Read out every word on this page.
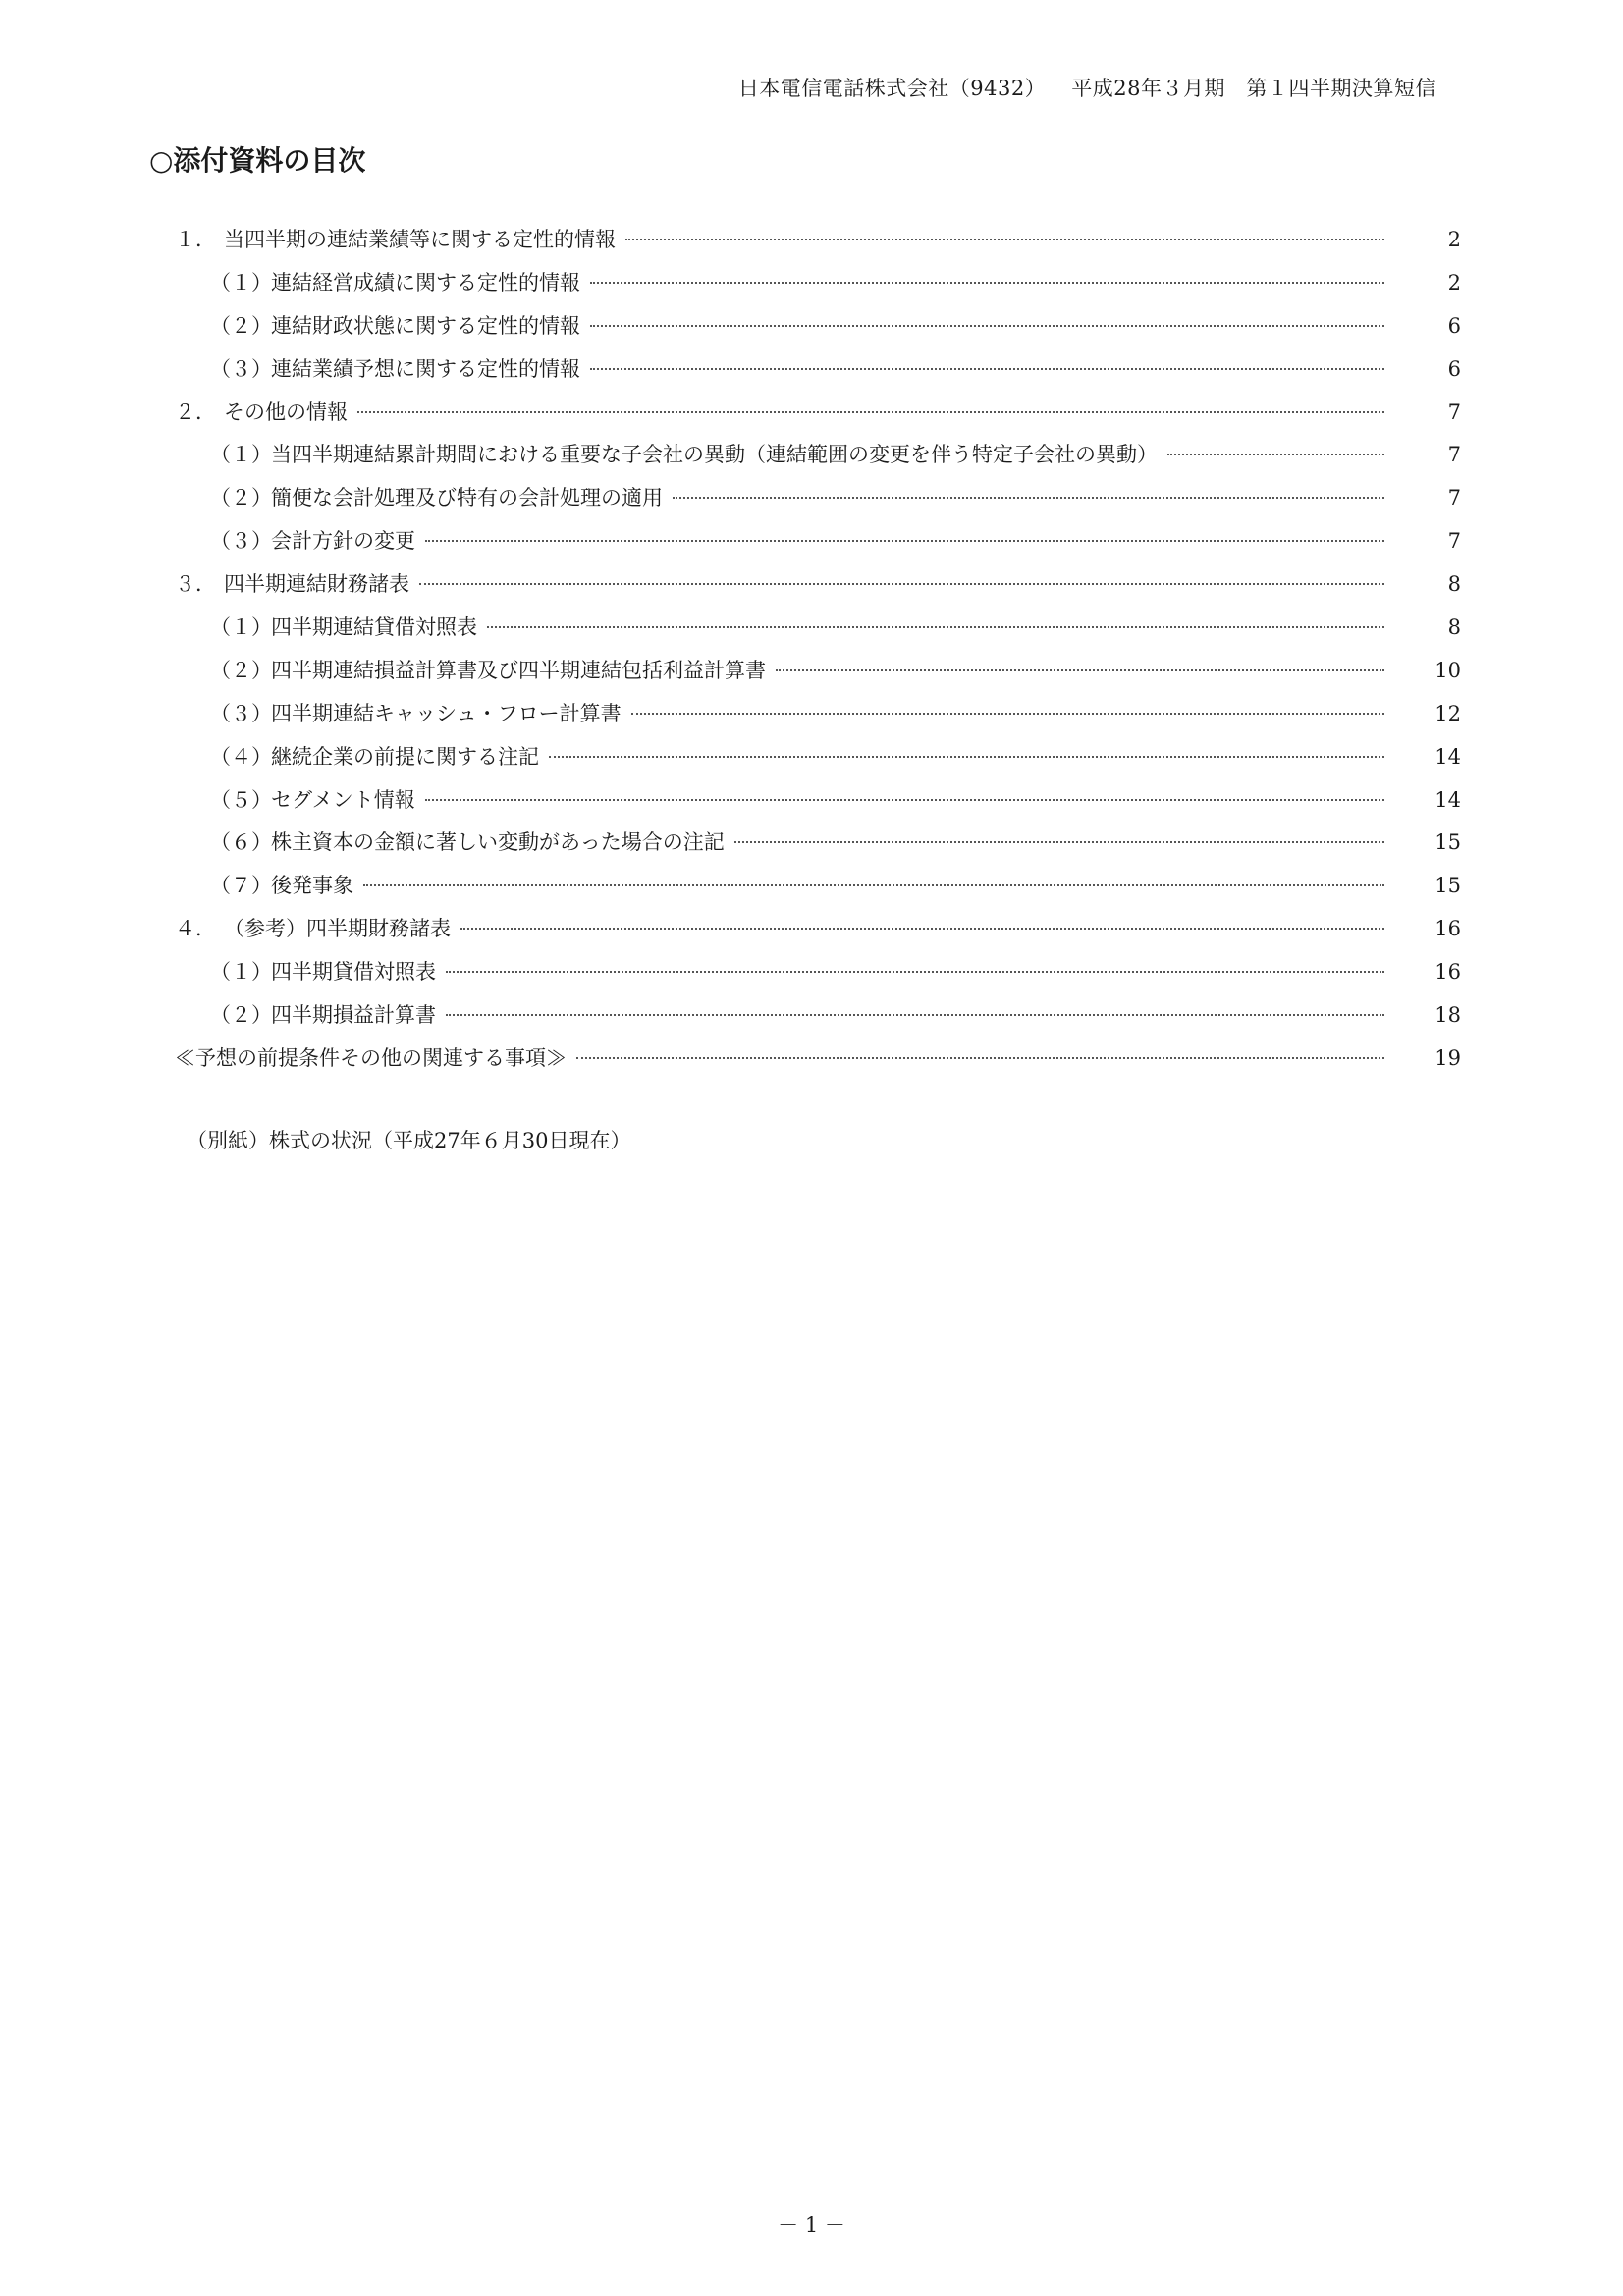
日本電信電話株式会社（9432） 平成28年３月期　第１四半期決算短信
○添付資料の目次
１． 当四半期の連結業績等に関する定性的情報	2
（１） 連結経営成績に関する定性的情報	2
（２） 連結財政状態に関する定性的情報	6
（３） 連結業績予想に関する定性的情報	6
２． その他の情報	7
（１） 当四半期連結累計期間における重要な子会社の異動（連結範囲の変更を伴う特定子会社の異動）	7
（２） 簡便な会計処理及び特有の会計処理の適用	7
（３） 会計方針の変更	7
３． 四半期連結財務諸表	8
（１） 四半期連結貸借対照表	8
（２） 四半期連結損益計算書及び四半期連結包括利益計算書	10
（３） 四半期連結キャッシュ・フロー計算書	12
（４） 継続企業の前提に関する注記	14
（５） セグメント情報	14
（６） 株主資本の金額に著しい変動があった場合の注記	15
（７） 後発事象	15
４． （参考）四半期財務諸表	16
（１） 四半期貸借対照表	16
（２） 四半期損益計算書	18
≪予想の前提条件その他の関連する事項≫	19
（別紙）株式の状況（平成27年６月30日現在）
－ 1 －
